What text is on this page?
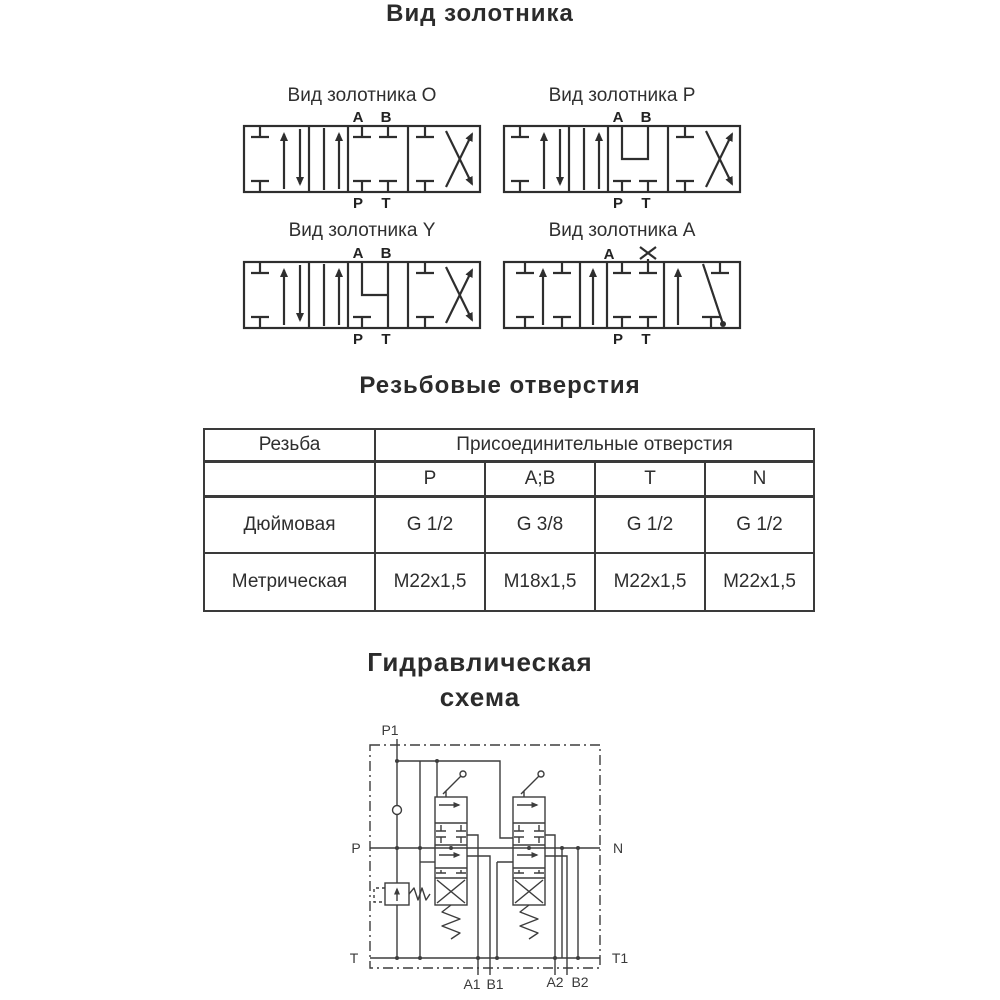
Вид золотника
Вид золотника О
A B
P T
Вид золотника P
A B
P T
Вид золотника Y
A B
P T
Вид золотника A
A
P T
Резьбовые отверстия
Резьба	Присоединительные отверстия			
	P	A;B	T	N
Дюймовая	G 1/2	G 3/8	G 1/2	G 1/2
Метрическая	M22x1,5	M18x1,5	M22x1,5	M22x1,5
Гидравлическая
схема
P1
P	N
T	T1
A1 B1	A2 B2
